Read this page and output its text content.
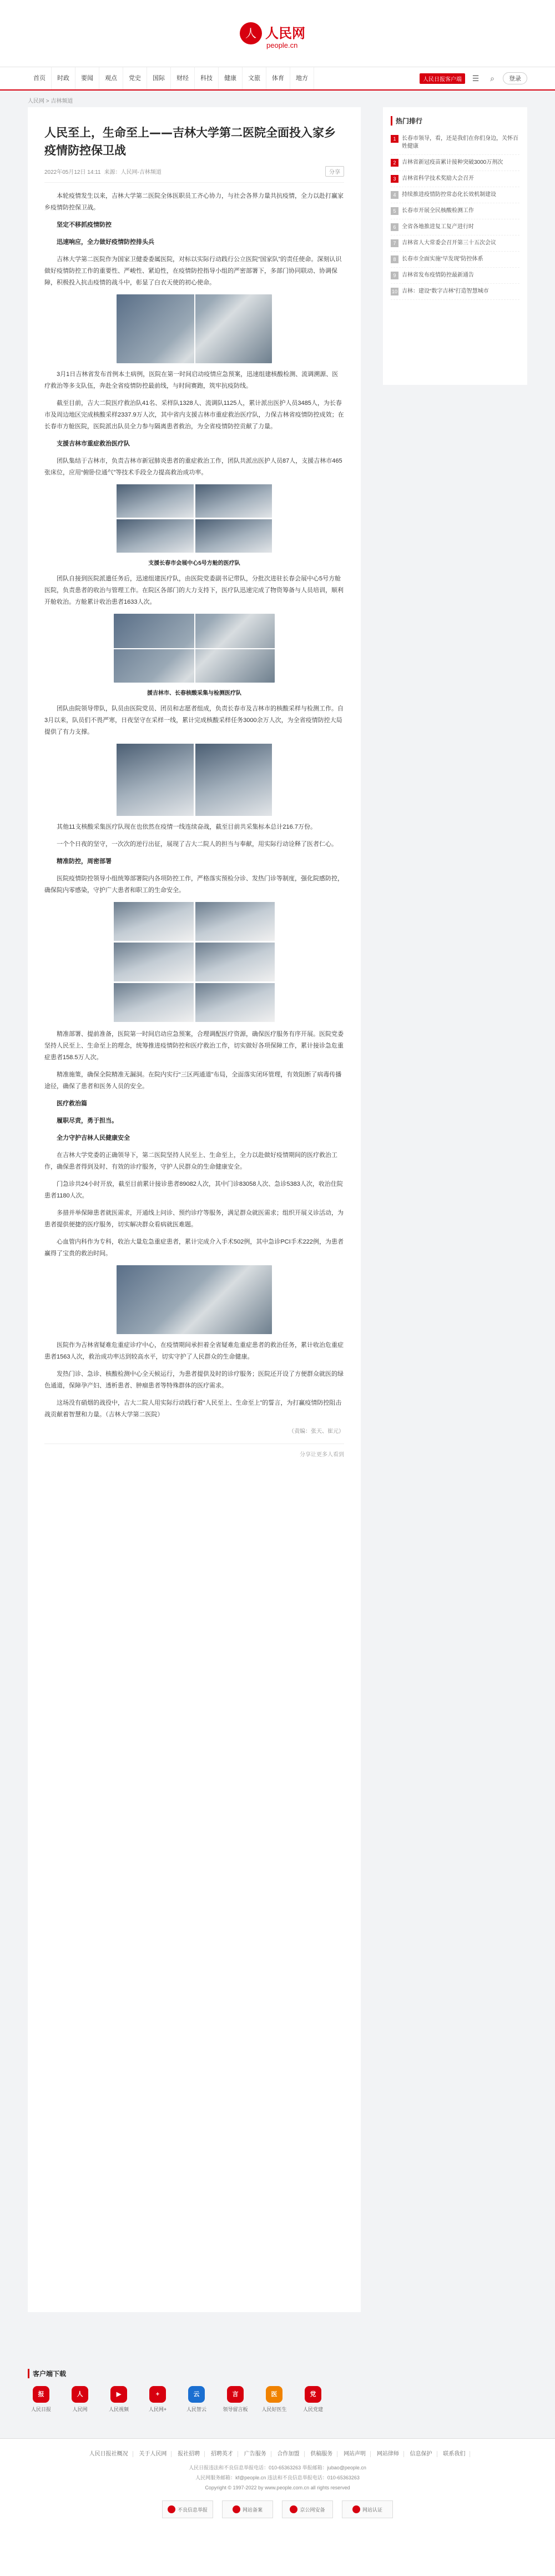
人 人民网
people.cn
首页	时政	要闻	观点	党史	国际	财经	科技	健康	文旅	体育	地方	人民日报客户端	☰	⌕	登录
人民网 > 吉林频道
人民至上，生命至上——吉林大学第二医院全面投入家乡疫情防控保卫战
2022年05月12日 14:11 来源：人民网-吉林频道	分享

本轮疫情发生以来，吉林大学第二医院全体医职员工齐心协力，与社会各界力量共抗疫情，全力以赴打赢家乡疫情防控保卫战。

坚定不移抓疫情防控

迅速响应，全力做好疫情防控排头兵

吉林大学第二医院作为国家卫健委委属医院，对标以实际行动践行公立医院“国家队”的责任使命。深刻认识做好疫情防控工作的重要性、严峻性、紧迫性，在疫情防控指导小组的严密部署下，多部门协同联动、协调保障，积极投入抗击疫情的战斗中，彰显了白衣天使的初心使命。

3月1日吉林省发布首例本土病例，医院在第一时间启动疫情应急预案，迅速组建核酸检测、流调溯源、医疗救治等多支队伍，奔赴全省疫情防控最前线，与时间赛跑，筑牢抗疫防线。

截至目前，吉大二院医疗救治队41名、采样队1328人、流调队1125人，累计派出医护人员3485人，为长春市及周边地区完成核酸采样2337.9万人次，其中省内支援吉林市重症救治医疗队，力保吉林省疫情防控成效；在长春市方舱医院，医院派出队员全力参与隔离患者救治，为全省疫情防控贡献了力量。

支援吉林市重症救治医疗队

团队集结于吉林市，负责吉林市新冠肺炎患者的重症救治工作，团队共派出医护人员87人，支援吉林市465张床位，应用“俯卧位通气”等技术手段全力提高救治成功率。

支援长春市会展中心5号方舱的医疗队

团队自接到医院派遣任务后，迅速组建医疗队，由医院党委副书记带队，分批次进驻长春会展中心5号方舱医院，负责患者的收治与管理工作。在院区各部门的大力支持下，医疗队迅速完成了物资筹备与人员培训，顺利开舱收治。方舱累计收治患者1633人次。

援吉林市、长春核酸采集与检测医疗队

团队由院领导带队，队员由医院党员、团员和志愿者组成，负责长春市及吉林市的核酸采样与检测工作。自3月以来，队员们不畏严寒，日夜坚守在采样一线，累计完成核酸采样任务3000余万人次，为全省疫情防控大局提供了有力支撑。

其他11支核酸采集医疗队现在也依然在疫情一线连续奋战，截至目前共采集标本总计216.7万份。

一个个日夜的坚守，一次次的逆行出征，展现了吉大二院人的担当与奉献，用实际行动诠释了医者仁心。

精准防控，周密部署

医院疫情防控领导小组统筹部署院内各项防控工作，严格落实预检分诊、发热门诊等制度，强化院感防控，确保院内零感染，守护广大患者和职工的生命安全。

精准部署、提前准备，医院第一时间启动应急预案，合理调配医疗资源，确保医疗服务有序开展。医院党委坚持人民至上、生命至上的理念，统筹推进疫情防控和医疗救治工作，切实做好各项保障工作，累计接诊急危重症患者158.5万人次。

精准施策，确保全院精准无漏洞。在院内实行“三区两通道”布局，全面落实闭环管理，有效阻断了病毒传播途径，确保了患者和医务人员的安全。

医疗救治篇

履职尽责，勇于担当。

全力守护吉林人民健康安全

在吉林大学党委的正确领导下，第二医院坚持人民至上、生命至上，全力以赴做好疫情期间的医疗救治工作，确保患者得到及时、有效的诊疗服务，守护人民群众的生命健康安全。

门急诊共24小时开放，截至目前累计接诊患者89082人次，其中门诊83058人次、急诊5383人次，收治住院患者1180人次。

多措并举保障患者就医需求，开通线上问诊、预约诊疗等服务，满足群众就医需求；组织开展义诊活动，为患者提供便捷的医疗服务，切实解决群众看病就医难题。

心血管内科作为专科，收治大量危急重症患者，累计完成介入手术502例，其中急诊PCI手术222例，为患者赢得了宝贵的救治时间。

医院作为吉林省疑难危重症诊疗中心，在疫情期间承担着全省疑难危重症患者的救治任务，累计收治危重症患者1563人次，救治成功率达到较高水平，切实守护了人民群众的生命健康。

发热门诊、急诊、核酸检测中心全天候运行，为患者提供及时的诊疗服务；医院还开设了方便群众就医的绿色通道，保障孕产妇、透析患者、肿瘤患者等特殊群体的医疗需求。

这场没有硝烟的战役中，吉大二院人用实际行动践行着“人民至上、生命至上”的誓言，为打赢疫情防控阻击战贡献着智慧和力量。（吉林大学第二医院）

（责编：张天、崔元）
分享让更多人看到
热门排行
1	长春市领导，看，还是我们在你们身边，关怀百姓健康
2	吉林省新冠疫苗累计接种突破3000万剂次
3	吉林省科学技术奖励大会召开
4	持续推进疫情防控常态化长效机制建设
5	长春市开展全民核酸检测工作
6	全省各地推进复工复产进行时
7	吉林省人大常委会召开第三十五次会议
8	长春市全面实施“早发现”防控体系
9	吉林省发布疫情防控最新通告
10 吉林：建设“数字吉林”打造智慧城市
客户端下载
报
人民日报
人
人民网
▶
人民视频
+
人民网+
云
人民智云
言
领导留言板
医
人民好医生
党
人民党建
人民日报社概况 关于人民网 报社招聘 招聘英才 广告服务 合作加盟 供稿服务 网站声明 网站律师 信息保护 联系我们
人民日报违法和不良信息举报电话：010-65363263 举报邮箱：jubao@people.cn
人民网服务邮箱：kf@people.cn 违法和不良信息举报电话：010-65363263
Copyright © 1997-2022 by www.people.com.cn all rights reserved
不良信息举报	网站备案	京公网安备	网站认证
